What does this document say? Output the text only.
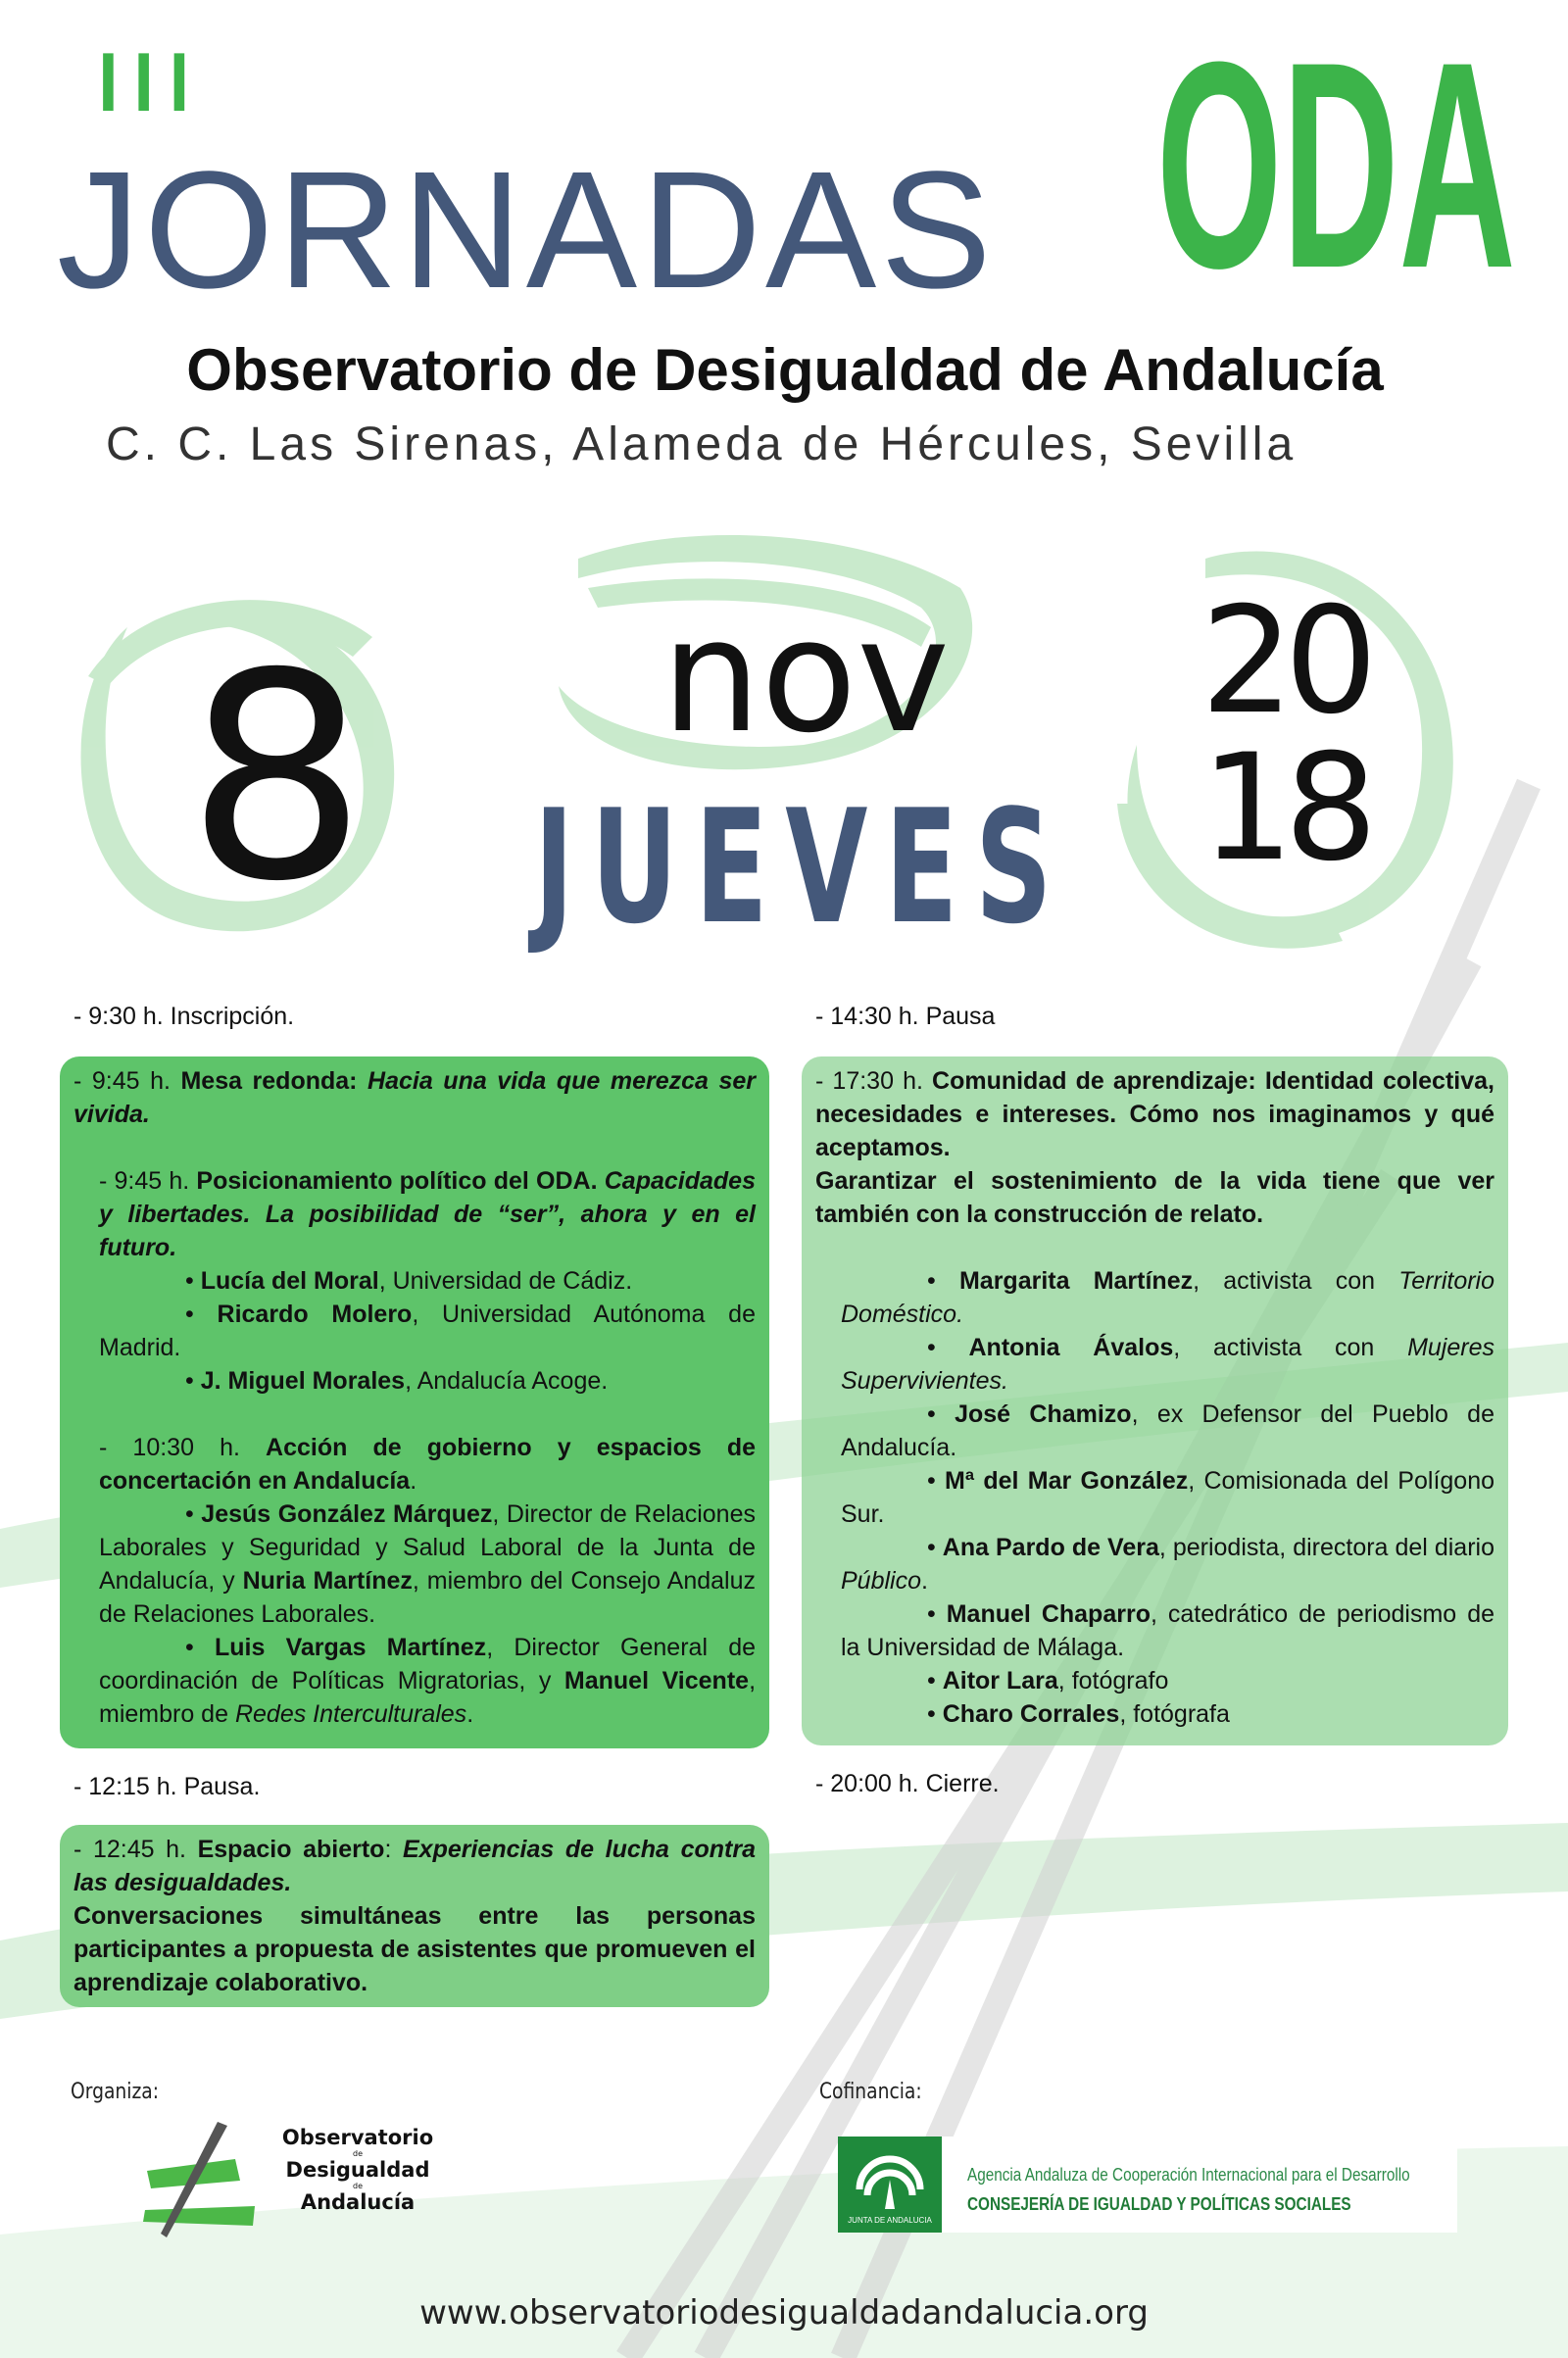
III
JORNADAS ODA
Observatorio de Desigualdad de Andalucía
C. C. Las Sirenas, Alameda de Hércules, Sevilla
8 nov
JUEVES
20
18
- 9:30 h. Inscripción.

- 9:45 h. Mesa redonda: Hacia una vida que merezca ser vivida.

- 9:45 h. Posicionamiento político del ODA. Capacidades y libertades. La posibilidad de “ser”, ahora y en el futuro.

• Lucía del Moral, Universidad de Cádiz.

• Ricardo Molero, Universidad Autónoma de Madrid.

• J. Miguel Morales, Andalucía Acoge.

- 10:30 h. Acción de gobierno y espacios de concertación en Andalucía.

• Jesús González Márquez, Director de Relaciones Laborales y Seguridad y Salud Laboral de la Junta de Andalucía, y Nuria Martínez, miembro del Consejo Andaluz de Relaciones Laborales.

• Luis Vargas Martínez, Director General de coordinación de Políticas Migratorias, y Manuel Vicente, miembro de Redes Interculturales.

- 12:15 h. Pausa.

- 12:45 h. Espacio abierto: Experiencias de lucha contra las desigualdades.

Conversaciones simultáneas entre las personas participantes a propuesta de asistentes que promueven el aprendizaje colaborativo.

- 14:30 h. Pausa

- 17:30 h. Comunidad de aprendizaje: Identidad colectiva, necesidades e intereses. Cómo nos imaginamos y qué aceptamos.

Garantizar el sostenimiento de la vida tiene que ver también con la construcción de relato.

• Margarita Martínez, activista con Territorio Doméstico.

• Antonia Ávalos, activista con Mujeres Supervivientes.

• José Chamizo, ex Defensor del Pueblo de Andalucía.

• Mª del Mar González, Comisionada del Polígono Sur.

• Ana Pardo de Vera, periodista, directora del diario Público.

• Manuel Chaparro, catedrático de periodismo de la Universidad de Málaga.

• Aitor Lara, fotógrafo

• Charo Corrales, fotógrafa

- 20:00 h. Cierre.
Organiza:	Cofinancia:
Observatorio
de
Desigualdad
de
Andalucía
JUNTA DE ANDALUCIA
Agencia Andaluza de Cooperación Internacional para el Desarrollo
CONSEJERÍA DE IGUALDAD Y POLÍTICAS SOCIALES
www.observatoriodesigualdadandalucia.org
